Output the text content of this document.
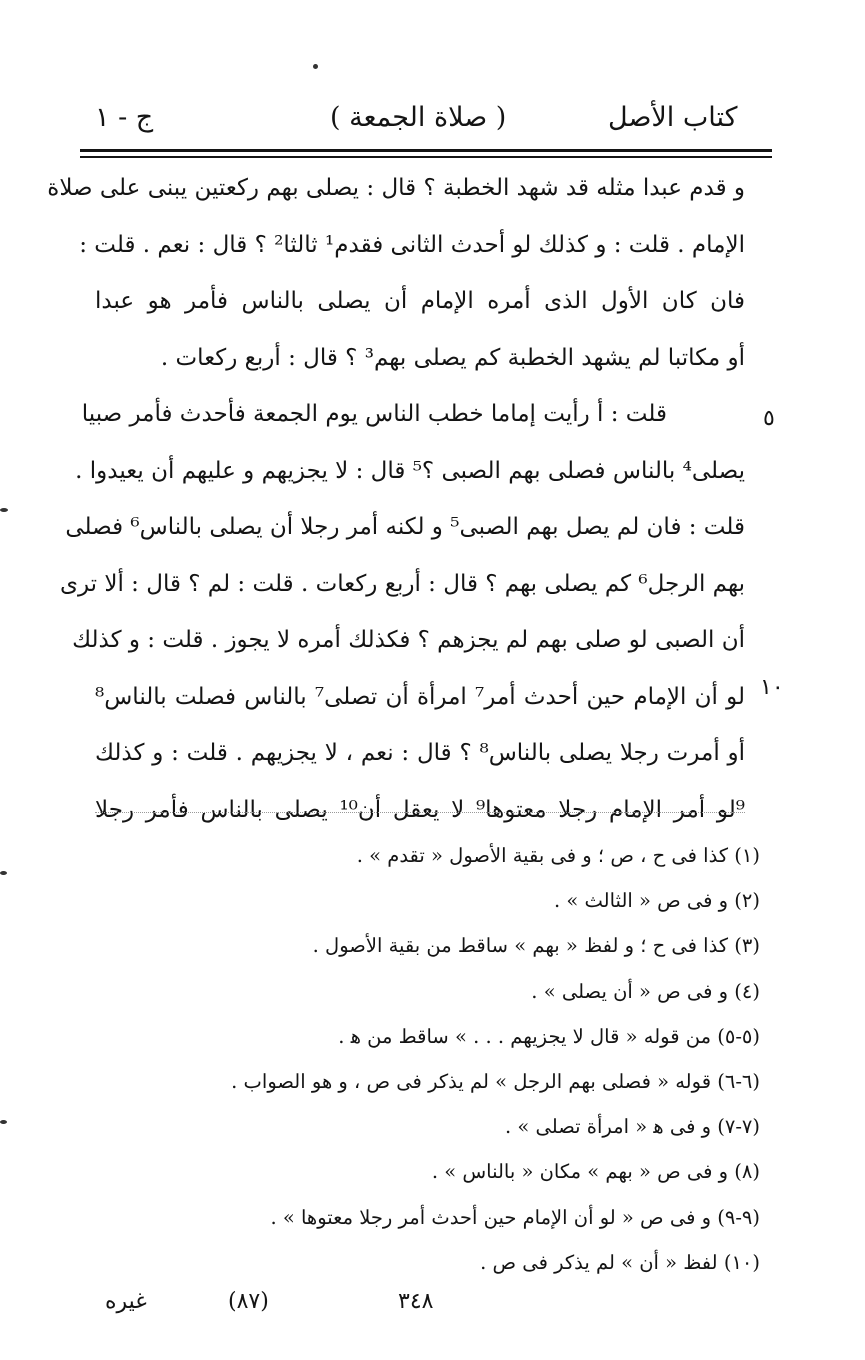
كتاب الأصل
( صلاة الجمعة )
ج - ١
و قدم عبدا مثله قد شهد الخطبة ؟ قال : يصلى بهم ركعتين يبنى على صلاة
الإمام . قلت : و كذلك لو أحدث الثانى فقدم¹ ثالثا² ؟ قال : نعم . قلت :
فان كان الأول الذى أمره الإمام أن يصلى بالناس فأمر هو عبدا
أو مكاتبا لم يشهد الخطبة كم يصلى بهم³ ؟ قال : أربع ركعات .
قلت : أ رأيت إماما خطب الناس يوم الجمعة فأحدث فأمر صبيا
يصلى⁴ بالناس فصلى بهم الصبى ؟⁵ قال : لا يجزيهم و عليهم أن يعيدوا .
قلت : فان لم يصل بهم الصبى⁵ و لكنه أمر رجلا أن يصلى بالناس⁶ فصلى
بهم الرجل⁶ كم يصلى بهم ؟ قال : أربع ركعات . قلت : لم ؟ قال : ألا ترى
أن الصبى لو صلى بهم لم يجزهم ؟ فكذلك أمره لا يجوز . قلت : و كذلك
لو أن الإمام حين أحدث أمر⁷ امرأة أن تصلى⁷ بالناس فصلت بالناس⁸
أو أمرت رجلا يصلى بالناس⁸ ؟ قال : نعم ، لا يجزيهم . قلت : و كذلك
⁹لو أمر الإمام رجلا معتوها⁹ لا يعقل أن¹⁰ يصلى بالناس فأمر رجلا
٥
١٠
(١) كذا فى ح ، ص ؛ و فى بقية الأصول « تقدم » .
(٢) و فى ص « الثالث » .
(٣) كذا فى ح ؛ و لفظ « بهم » ساقط من بقية الأصول .
(٤) و فى ص « أن يصلى » .
(٥-٥) من قوله « قال لا يجزيهم . . . » ساقط من ﻫ .
(٦-٦) قوله « فصلى بهم الرجل » لم يذكر فى ص ، و هو الصواب .
(٧-٧) و فى ﻫ « امرأة تصلى » .
(٨) و فى ص « بهم » مكان « بالناس » .
(٩-٩) و فى ص « لو أن الإمام حين أحدث أمر رجلا معتوها » .
(١٠) لفظ « أن » لم يذكر فى ص .
غيره	(٨٧)	٣٤٨
